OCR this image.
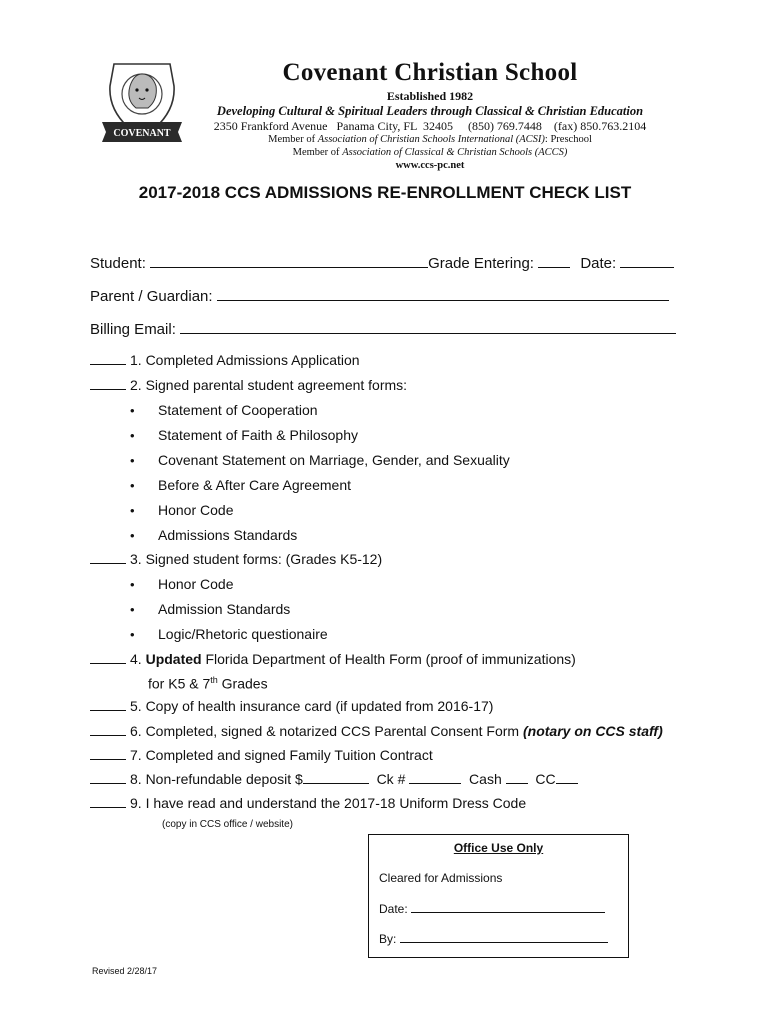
COVENANT
Covenant Christian School
Established 1982
Developing Cultural & Spiritual Leaders through Classical & Christian Education
2350 Frankford Avenue   Panama City, FL  32405     (850) 769.7448    (fax) 850.763.2104
Member of Association of Christian Schools International (ACSI): Preschool
Member of Association of Classical & Christian Schools (ACCS)
www.ccs-pc.net
2017-2018 CCS ADMISSIONS RE-ENROLLMENT CHECK LIST
Student:	Grade Entering:	Date:
Parent / Guardian:
Billing Email:
1. Completed Admissions Application
2. Signed parental student agreement forms:
• Statement of Cooperation
• Statement of Faith & Philosophy
• Covenant Statement on Marriage, Gender, and Sexuality
• Before & After Care Agreement
• Honor Code
• Admissions Standards
3. Signed student forms: (Grades K5-12)
• Honor Code
• Admission Standards
• Logic/Rhetoric questionaire
4. Updated Florida Department of Health Form (proof of immunizations)
for K5 & 7th Grades
5. Copy of health insurance card (if updated from 2016-17)
6. Completed, signed & notarized CCS Parental Consent Form (notary on CCS staff)
7. Completed and signed Family Tuition Contract
8. Non-refundable deposit $	Ck #	Cash   CC
9. I have read and understand the 2017-18 Uniform Dress Code
(copy in CCS office / website)
Office Use Only
Cleared for Admissions
Date:
By:
Revised 2/28/17
